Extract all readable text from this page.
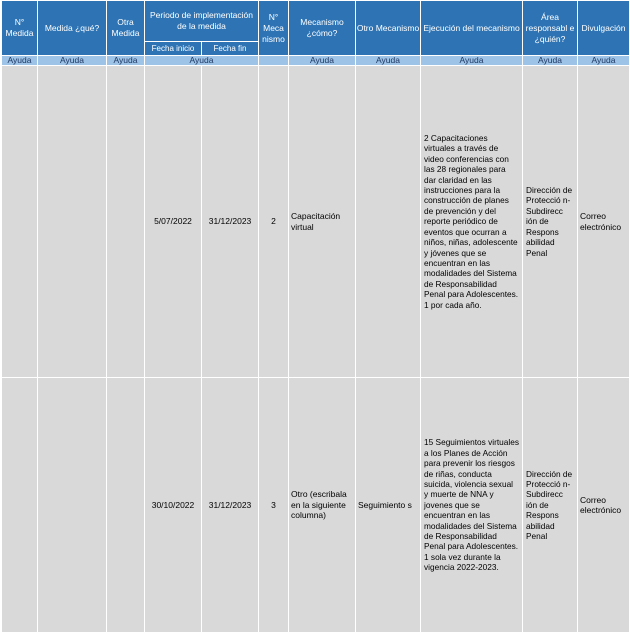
N° Medida	Medida ¿qué?	Otra Medida	Periodo de implementación de la medida		N° Meca nismo	Mecanismo ¿cómo?	Otro Mecanismo	Ejecución del mecanismo	Área responsabl e ¿quién?	Divulgación
			Fecha inicio	Fecha fin						
Ayuda	Ayuda	Ayuda	Ayuda			Ayuda	Ayuda	Ayuda	Ayuda	Ayuda
			5/07/2022	31/12/2023	2	Capacitación virtual		2 Capacitaciones virtuales a través de video conferencias con las 28 regionales para dar claridad en las instrucciones para la construcción de planes de prevención y del reporte periódico de eventos que ocurran a niños, niñas, adolescente y jóvenes que se encuentran en las modalidades del Sistema de Responsabilidad Penal para Adolescentes. 1 por cada año.	Dirección de Protecció n- Subdirecc ión de Respons abilidad Penal	Correo electrónico
			30/10/2022	31/12/2023	3	Otro (escribala en la siguiente columna)	Seguimiento s	15 Seguimientos virtuales a los Planes de Acción para prevenir los riesgos de riñas, conducta suicida, violencia sexual y muerte de NNA y jovenes que se encuentran en las modalidades del Sistema de Responsabilidad Penal para Adolescentes. 1 sola vez durante la vigencia 2022-2023.	Dirección de Protecció n- Subdirecc ión de Respons abilidad Penal	Correo electrónico
